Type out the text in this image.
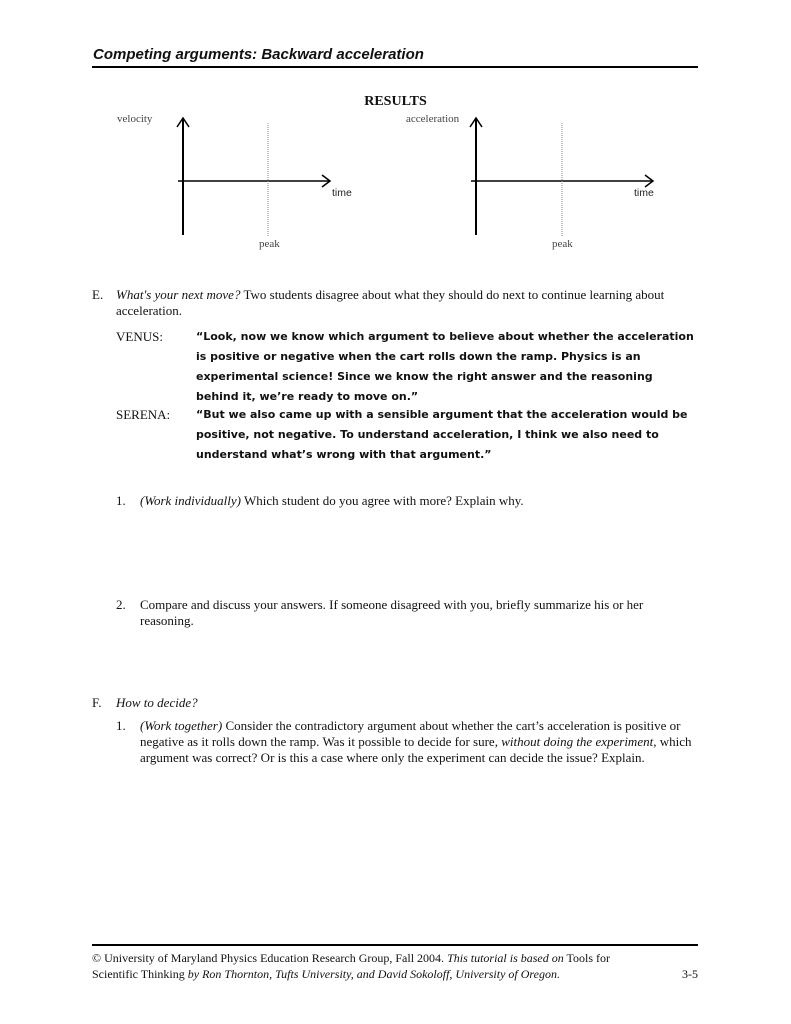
Competing arguments: Backward acceleration
RESULTS
velocity
time
peak
acceleration
time
peak
E. What's your next move? Two students disagree about what they should do next to continue learning about acceleration.

VENUS:	“Look, now we know which argument to believe about whether the acceleration is positive or negative when the cart rolls down the ramp. Physics is an experimental science! Since we know the right answer and the reasoning behind it, we’re ready to move on.”
SERENA:	“But we also came up with a sensible argument that the acceleration would be positive, not negative. To understand acceleration, I think we also need to understand what’s wrong with that argument.”
1.	(Work individually) Which student do you agree with more? Explain why.

2.	Compare and discuss your answers. If someone disagreed with you, briefly summarize his or her reasoning.

F. How to decide?
1.	(Work together) Consider the contradictory argument about whether the cart’s acceleration is positive or negative as it rolls down the ramp. Was it possible to decide for sure, without doing the experiment, which argument was correct? Or is this a case where only the experiment can decide the issue? Explain.

© University of Maryland Physics Education Research Group, Fall 2004. This tutorial is based on Tools for Scientific Thinking by Ron Thornton, Tufts University, and David Sokoloff, University of Oregon.	3-5
